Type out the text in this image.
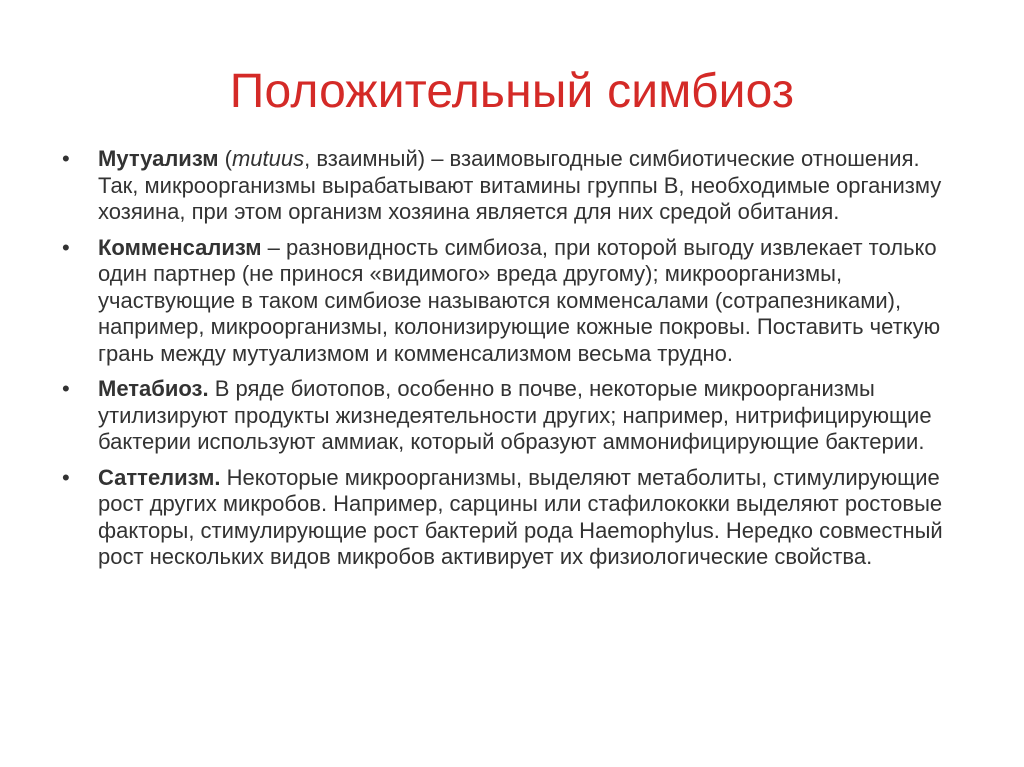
Положительный симбиоз
•	Мутуализм (mutuus, взаимный) – взаимовыгодные симбиотические отношения. Так, микроорганизмы вырабатывают витамины группы В, необходимые организму хозяина, при этом организм хозяина является для них средой обитания.
•	Комменсализм – разновидность симбиоза, при которой выгоду извлекает только один партнер (не принося «видимого» вреда другому); микроорганизмы, участвующие в таком симбиозе называются комменсалами (сотрапезниками), например, микроорганизмы, колонизирующие кожные покровы. Поставить четкую грань между мутуализмом и комменсализмом весьма трудно.
•	Метабиоз. В ряде биотопов, особенно в почве, некоторые микроорганизмы утилизируют продукты жизнедеятельности других; например, нитрифицирующие бактерии используют аммиак, который образуют аммонифицирующие бактерии.
•	Саттелизм. Некоторые микроорганизмы, выделяют метаболиты, стимулирующие рост других микробов. Например, сарцины или стафилококки выделяют ростовые факторы, стимулирующие рост бактерий рода Haemophylus. Нередко совместный рост нескольких видов микробов активирует их физиологические свойства.
